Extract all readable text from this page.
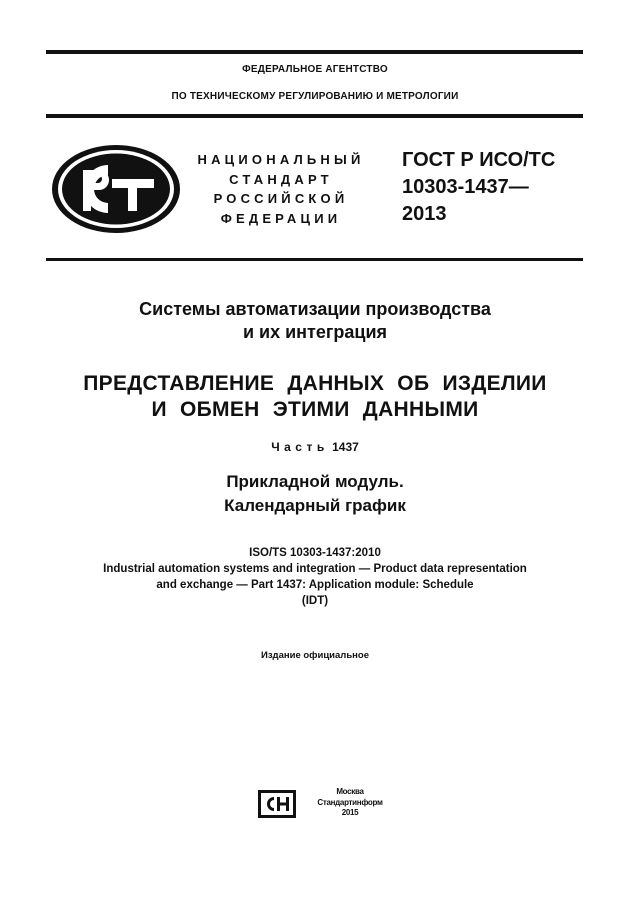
ФЕДЕРАЛЬНОЕ АГЕНТСТВО
ПО ТЕХНИЧЕСКОМУ РЕГУЛИРОВАНИЮ И МЕТРОЛОГИИ
НАЦИОНАЛЬНЫЙ
СТАНДАРТ
РОССИЙСКОЙ
ФЕДЕРАЦИИ
ГОСТ Р ИСО/ТС
10303-1437—
2013
Системы автоматизации производства
и их интеграция
ПРЕДСТАВЛЕНИЕ ДАННЫХ ОБ ИЗДЕЛИИ
И ОБМЕН ЭТИМИ ДАННЫМИ
Часть 1437
Прикладной модуль.
Календарный график
ISO/TS 10303-1437:2010
Industrial automation systems and integration — Product data representation
and exchange — Part 1437: Application module: Schedule
(IDT)
Издание официальное
Москва
Стандартинформ
2015
